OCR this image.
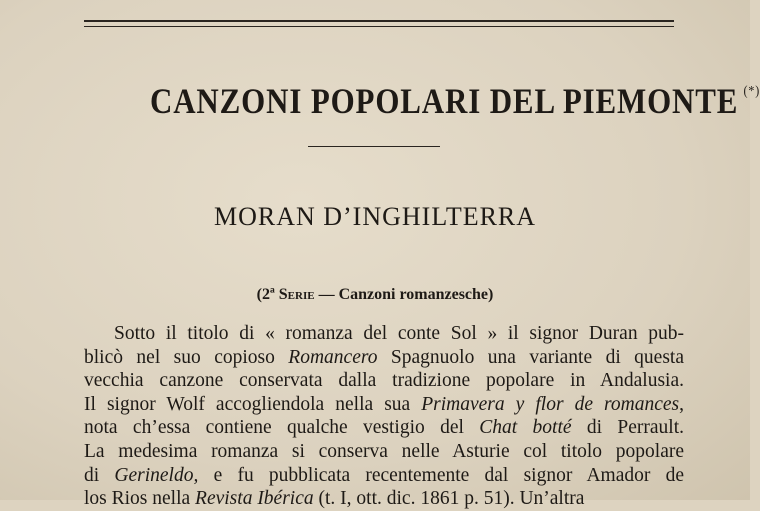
CANZONI POPOLARI DEL PIEMONTE (*)
MORAN D’INGHILTERRA
(2ª Serie — Canzoni romanzesche)
Sotto il titolo di « romanza del conte Sol » il signor Duran pub-
blicò nel suo copioso Romancero Spagnuolo una variante di questa
vecchia canzone conservata dalla tradizione popolare in Andalusia.
Il signor Wolf accogliendola nella sua Primavera y flor de romances,
nota ch’essa contiene qualche vestigio del Chat botté di Perrault.
La medesima romanza si conserva nelle Asturie col titolo popolare
di Gerineldo, e fu pubblicata recentemente dal signor Amador de
los Rios nella Revista Ibérica (t. I, ott. dic. 1861 p. 51). Un’altra
